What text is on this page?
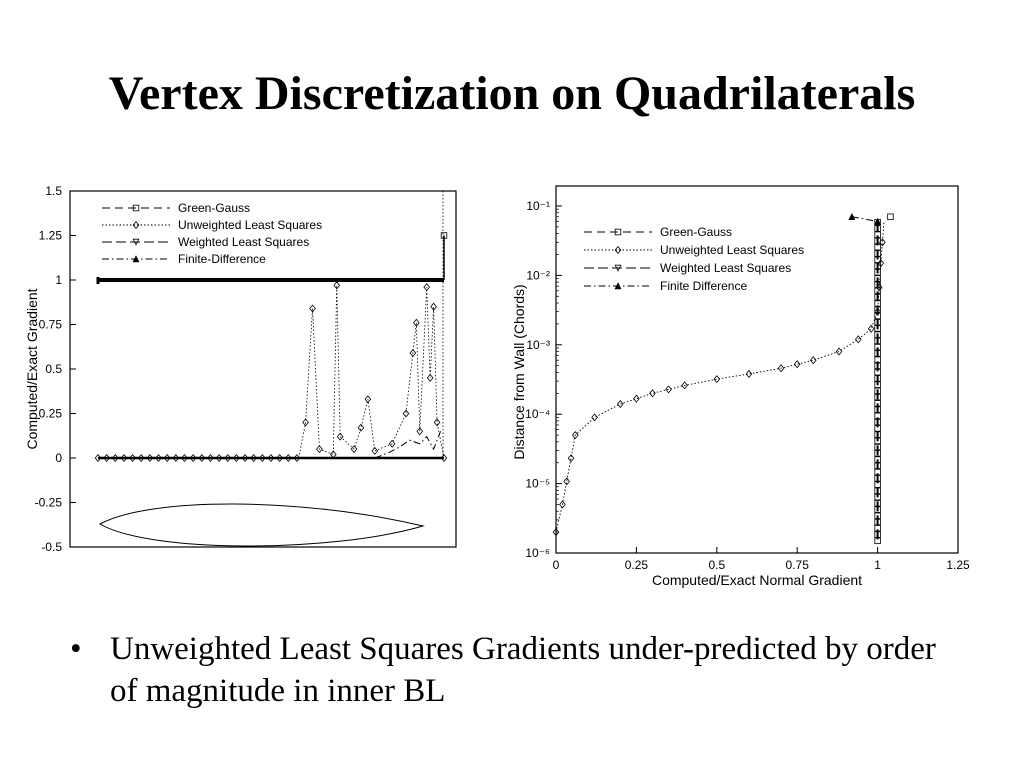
Vertex Discretization on Quadrilaterals
1.5
1.25
1
0.75
0.5
0.25
0
-0.25
-0.5
Computed/Exact Gradient
Green-Gauss
Unweighted Least Squares
Weighted Least Squares
Finite-Difference
10⁻¹
10⁻²
10⁻³
10⁻⁴
10⁻⁵
10⁻⁶
0	0.25	0.5	0.75	1	1.25
Computed/Exact Normal Gradient
Distance from Wall (Chords)
Green-Gauss
Unweighted Least Squares
Weighted Least Squares
Finite Difference
• Unweighted Least Squares Gradients under-predicted by order of magnitude in inner BL
